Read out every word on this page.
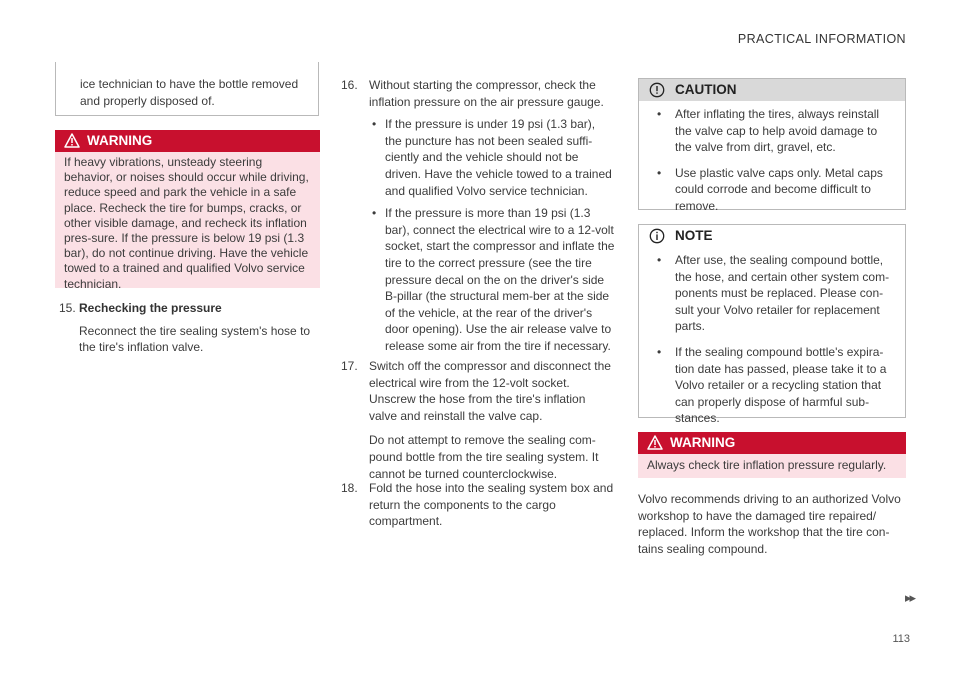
PRACTICAL INFORMATION
ice technician to have the bottle removed and properly disposed of.
WARNING
If heavy vibrations, unsteady steering behavior, or noises should occur while driving, reduce speed and park the vehicle in a safe place. Recheck the tire for bumps, cracks, or other visible damage, and recheck its inflation pres-sure. If the pressure is below 19 psi (1.3 bar), do not continue driving. Have the vehicle towed to a trained and qualified Volvo service technician.
15. Rechecking the pressure
Reconnect the tire sealing system's hose to the tire's inflation valve.
16. Without starting the compressor, check the inflation pressure on the air pressure gauge.
• If the pressure is under 19 psi (1.3 bar), the puncture has not been sealed suffi-ciently and the vehicle should not be driven. Have the vehicle towed to a trained and qualified Volvo service technician.
• If the pressure is more than 19 psi (1.3 bar), connect the electrical wire to a 12-volt socket, start the compressor and inflate the tire to the correct pressure (see the tire pressure decal on the on the driver's side B-pillar (the structural mem-ber at the side of the vehicle, at the rear of the driver's door opening). Use the air release valve to release some air from the tire if necessary.
17. Switch off the compressor and disconnect the electrical wire from the 12-volt socket. Unscrew the hose from the tire's inflation valve and reinstall the valve cap.
Do not attempt to remove the sealing com-pound bottle from the tire sealing system. It cannot be turned counterclockwise.
18. Fold the hose into the sealing system box and return the components to the cargo compartment.
CAUTION
• After inflating the tires, always reinstall the valve cap to help avoid damage to the valve from dirt, gravel, etc.
• Use plastic valve caps only. Metal caps could corrode and become difficult to remove.
NOTE
• After use, the sealing compound bottle, the hose, and certain other system com-ponents must be replaced. Please con-sult your Volvo retailer for replacement parts.
• If the sealing compound bottle's expira-tion date has passed, please take it to a Volvo retailer or a recycling station that can properly dispose of harmful sub-stances.
WARNING
Always check tire inflation pressure regularly.
Volvo recommends driving to an authorized Volvo workshop to have the damaged tire repaired/ replaced. Inform the workshop that the tire con-tains sealing compound.
▸▸
113
